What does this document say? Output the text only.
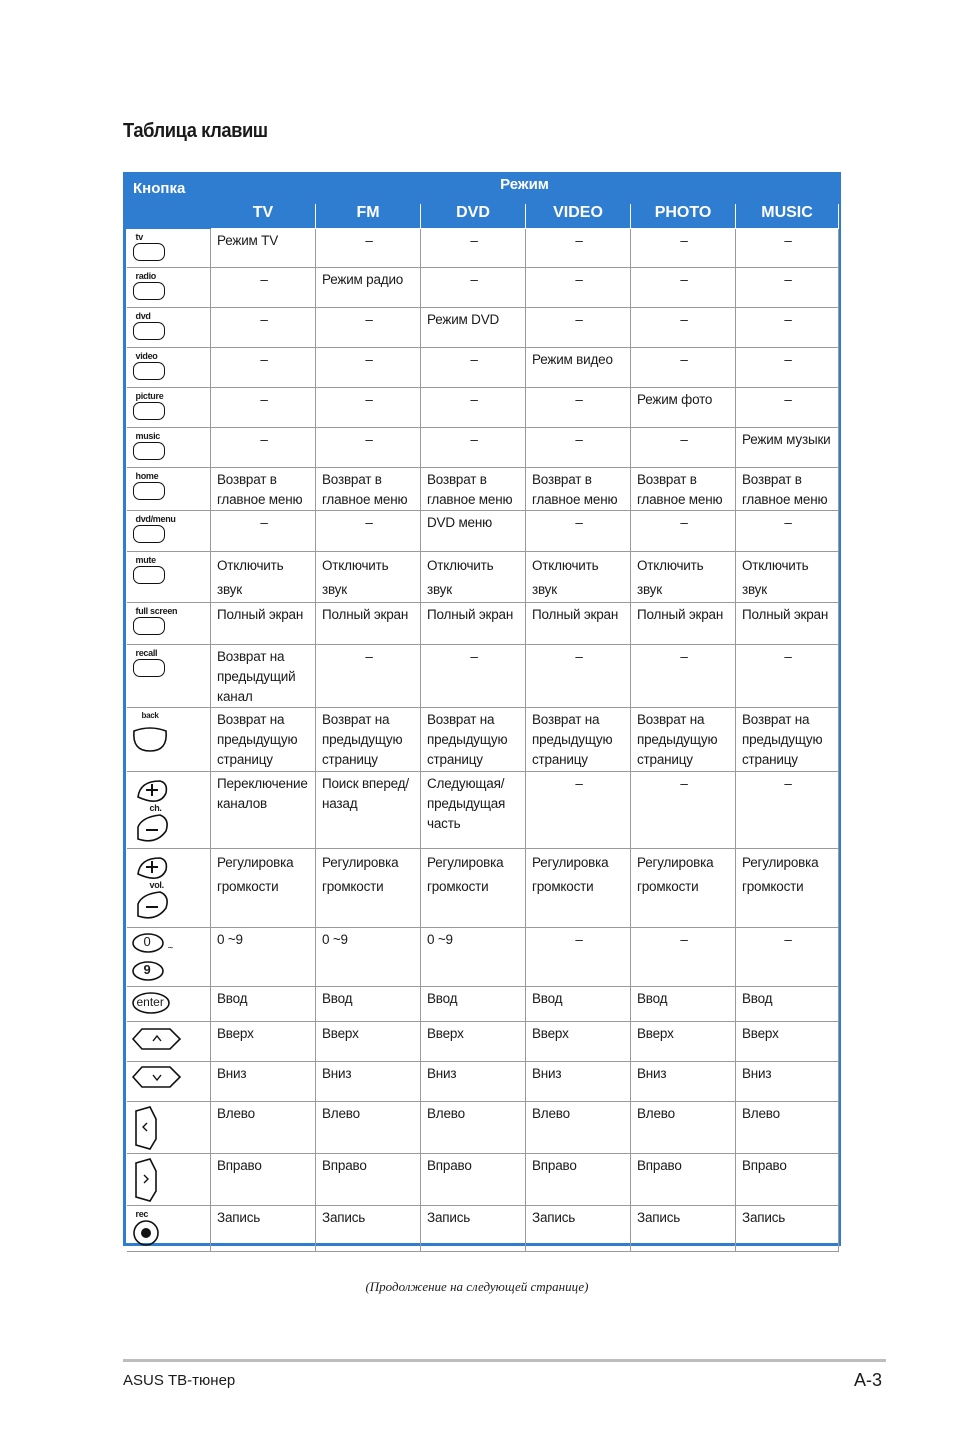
Таблица клавиш
Кнопка	Режим					
	TV	FM	DVD	VIDEO	PHOTO	MUSIC

tv	Режим TV	–	–	–	–	–

radio	–	Режим радио	–	–	–	–

dvd	–	–	Режим DVD	–	–	–

video	–	–	–	Режим видео	–	–

picture	–	–	–	–	Режим фото	–

music	–	–	–	–	–	Режим музыки

home	Возврат в главное меню	Возврат в главное меню	Возврат в главное меню	Возврат в главное меню	Возврат в главное меню	Возврат в главное меню

dvd/menu	–	–	DVD меню	–	–	–

mute	Отключить звук	Отключить звук	Отключить звук	Отключить звук	Отключить звук	Отключить звук

full screen	Полный экран	Полный экран	Полный экран	Полный экран	Полный экран	Полный экран

recall	Возврат на предыдущий канал	–	–	–	–	–

back	Возврат на предыдущую страницу	Возврат на предыдущую страницу	Возврат на предыдущую страницу	Возврат на предыдущую страницу	Возврат на предыдущую страницу	Возврат на предыдущую страницу

ch.	Переключение каналов	Поиск вперед/ назад	Следующая/ предыдущая часть	–	–	–

vol.	Регулировка громкости	Регулировка громкости	Регулировка громкости	Регулировка громкости	Регулировка громкости	Регулировка громкости

0
9
~	0 ~9	0 ~9	0 ~9	–	–	–

enter	Ввод	Ввод	Ввод	Ввод	Ввод	Ввод

	Вверх	Вверх	Вверх	Вверх	Вверх	Вверх

	Вниз	Вниз	Вниз	Вниз	Вниз	Вниз

	Влево	Влево	Влево	Влево	Влево	Влево

	Вправо	Вправо	Вправо	Вправо	Вправо	Вправо

rec	Запись	Запись	Запись	Запись	Запись	Запись
(Продолжение на следующей странице)
ASUS ТВ-тюнер	A-3
